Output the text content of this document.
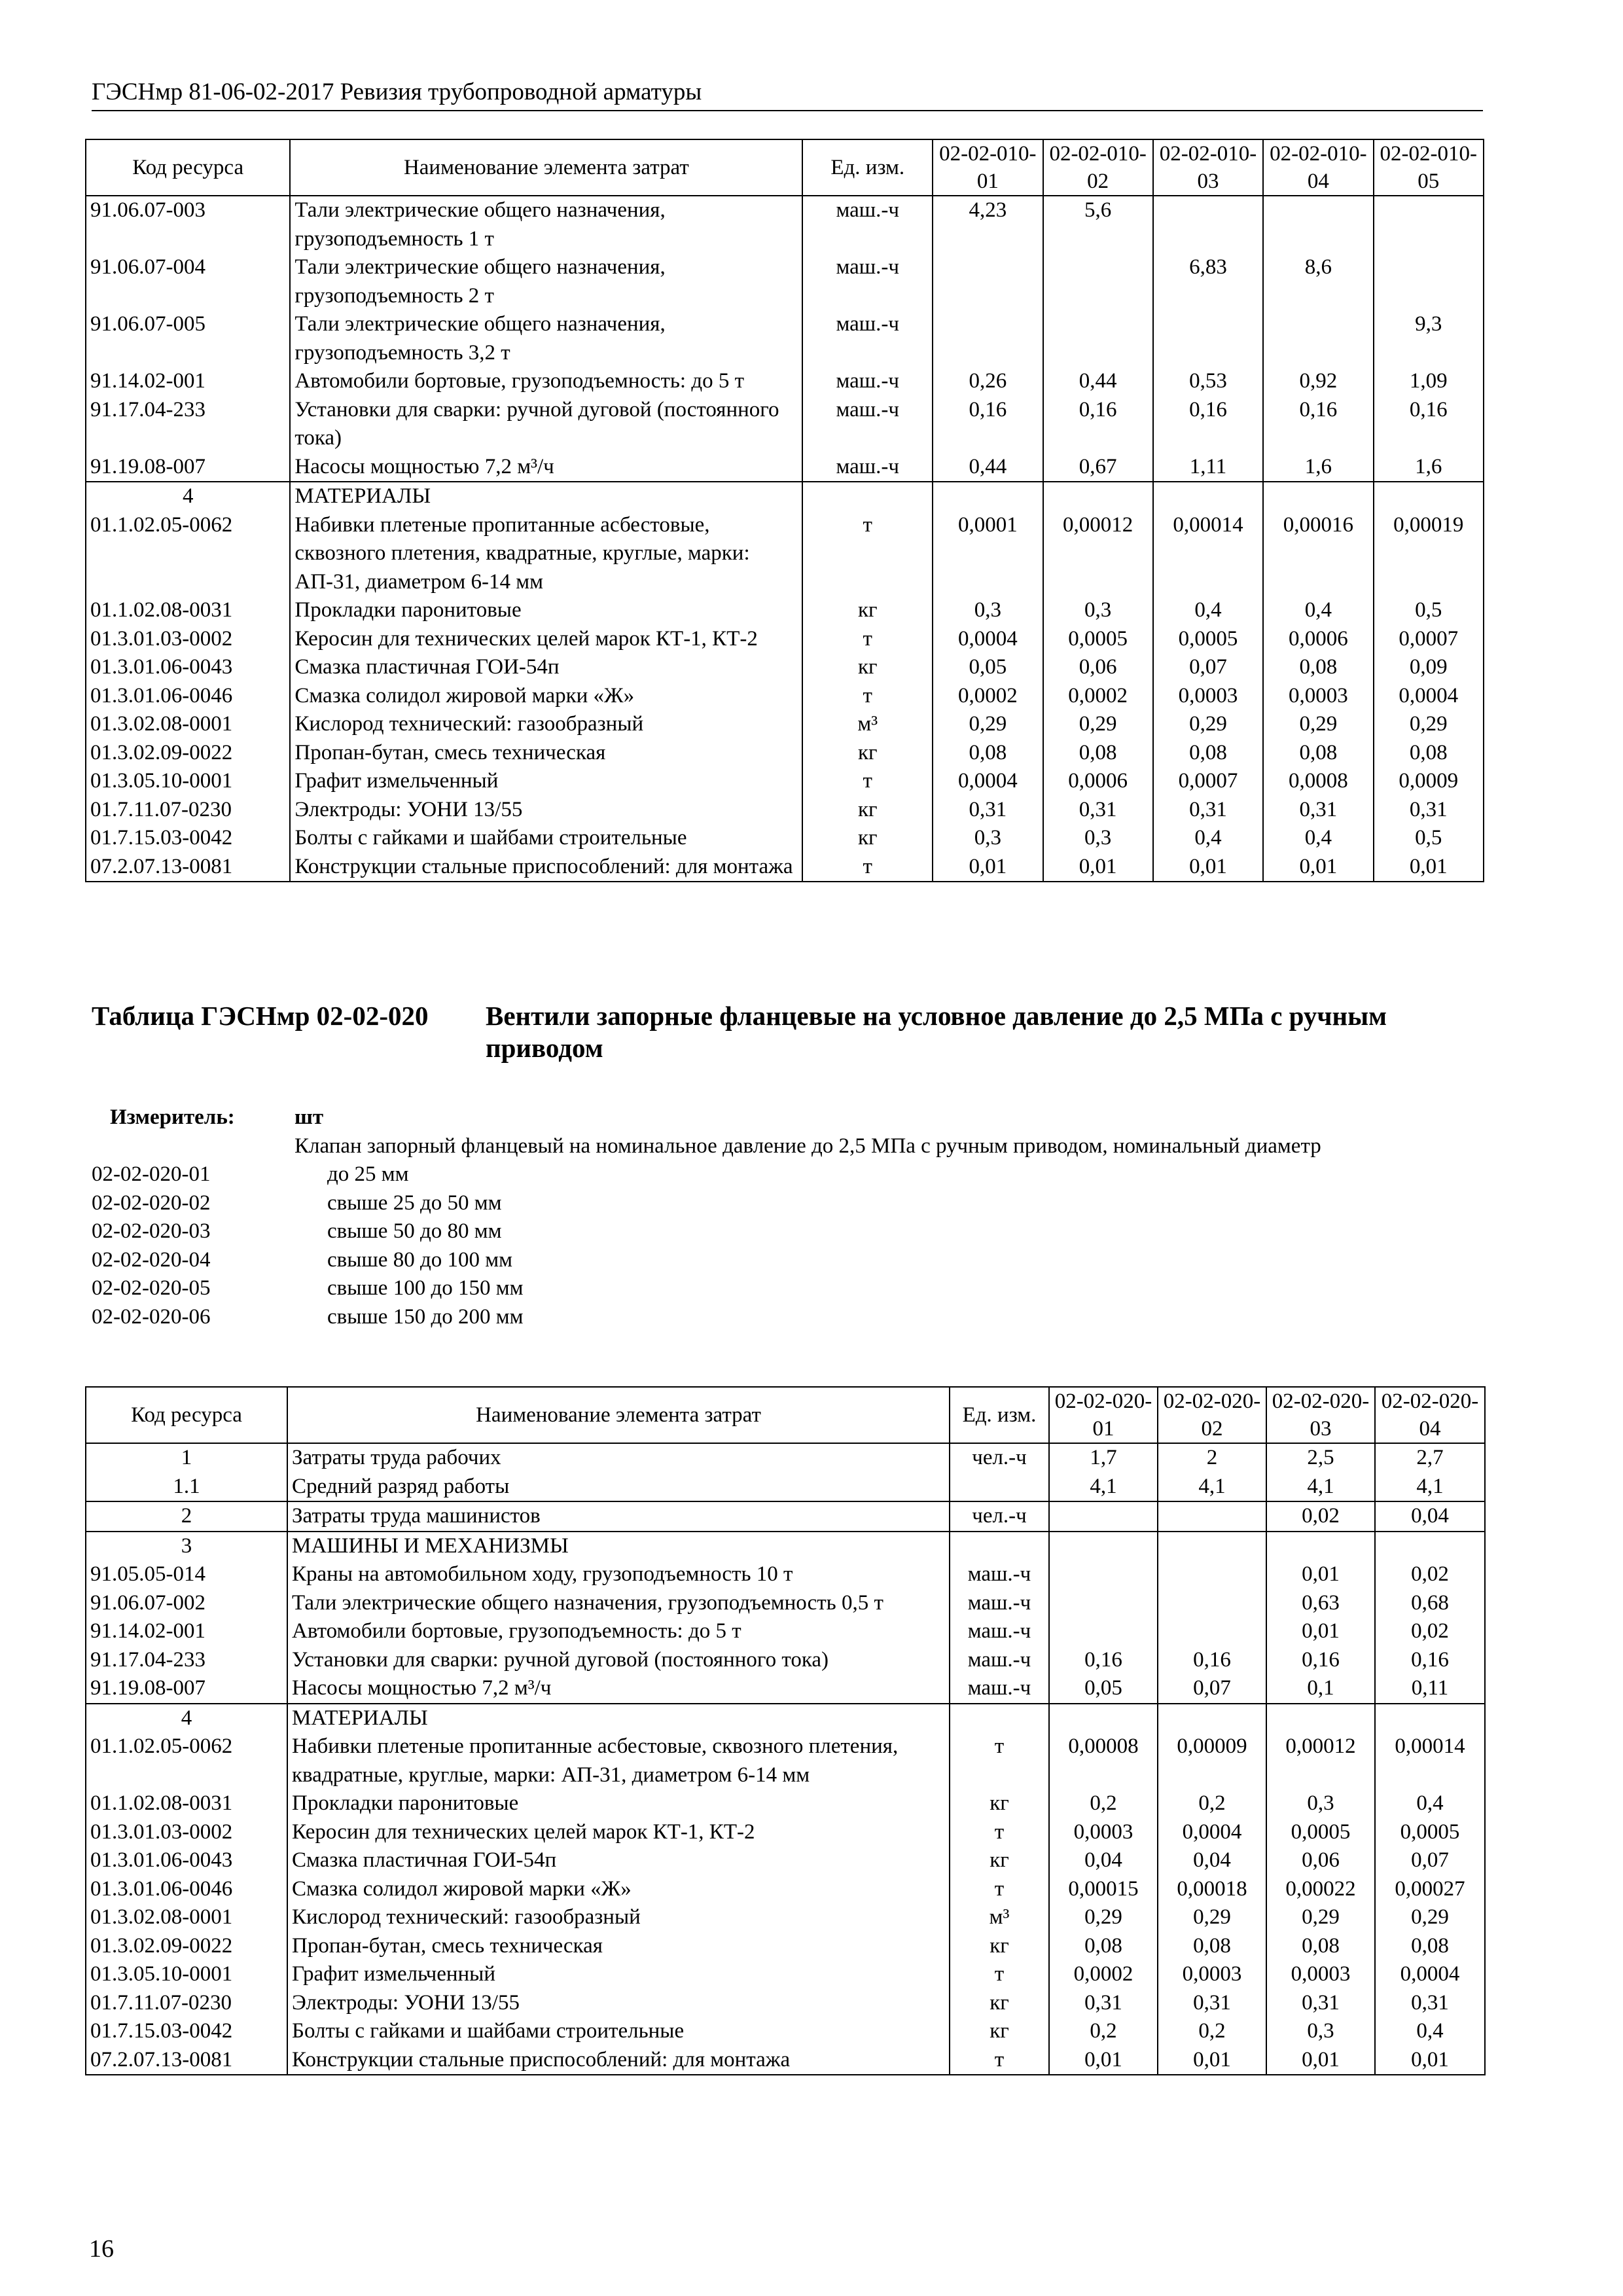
ГЭСНмр 81-06-02-2017 Ревизия трубопроводной арматуры
Код ресурса	Наименование элемента затрат	Ед. изм.	02-02-010-01	02-02-010-02	02-02-010-03	02-02-010-04	02-02-010-05
91.06.07-003	Тали электрические общего назначения, грузоподъемность 1 т	маш.-ч	4,23	5,6			
91.06.07-004	Тали электрические общего назначения, грузоподъемность 2 т	маш.-ч			6,83	8,6	
91.06.07-005	Тали электрические общего назначения, грузоподъемность 3,2 т	маш.-ч					9,3
91.14.02-001	Автомобили бортовые, грузоподъемность: до 5 т	маш.-ч	0,26	0,44	0,53	0,92	1,09
91.17.04-233	Установки для сварки: ручной дуговой (постоянного тока)	маш.-ч	0,16	0,16	0,16	0,16	0,16
91.19.08-007	Насосы мощностью 7,2 м³/ч	маш.-ч	0,44	0,67	1,11	1,6	1,6
4	МАТЕРИАЛЫ						
01.1.02.05-0062	Набивки плетеные пропитанные асбестовые, сквозного плетения, квадратные, круглые, марки: АП-31, диаметром 6-14 мм	т	0,0001	0,00012	0,00014	0,00016	0,00019
01.1.02.08-0031	Прокладки паронитовые	кг	0,3	0,3	0,4	0,4	0,5
01.3.01.03-0002	Керосин для технических целей марок КТ-1, КТ-2	т	0,0004	0,0005	0,0005	0,0006	0,0007
01.3.01.06-0043	Смазка пластичная ГОИ-54п	кг	0,05	0,06	0,07	0,08	0,09
01.3.01.06-0046	Смазка солидол жировой марки «Ж»	т	0,0002	0,0002	0,0003	0,0003	0,0004
01.3.02.08-0001	Кислород технический: газообразный	м³	0,29	0,29	0,29	0,29	0,29
01.3.02.09-0022	Пропан-бутан, смесь техническая	кг	0,08	0,08	0,08	0,08	0,08
01.3.05.10-0001	Графит измельченный	т	0,0004	0,0006	0,0007	0,0008	0,0009
01.7.11.07-0230	Электроды: УОНИ 13/55	кг	0,31	0,31	0,31	0,31	0,31
01.7.15.03-0042	Болты с гайками и шайбами строительные	кг	0,3	0,3	0,4	0,4	0,5
07.2.07.13-0081	Конструкции стальные приспособлений: для монтажа	т	0,01	0,01	0,01	0,01	0,01
Таблица ГЭСНмр 02-02-020	Вентили запорные фланцевые на условное давление до 2,5 МПа с ручным приводом
Измеритель:	шт
Клапан запорный фланцевый на номинальное давление до 2,5 МПа с ручным приводом, номинальный диаметр
02-02-020-01	до 25 мм
02-02-020-02	свыше 25 до 50 мм
02-02-020-03	свыше 50 до 80 мм
02-02-020-04	свыше 80 до 100 мм
02-02-020-05	свыше 100 до 150 мм
02-02-020-06	свыше 150 до 200 мм
Код ресурса	Наименование элемента затрат	Ед. изм.	02-02-020-01	02-02-020-02	02-02-020-03	02-02-020-04
1	Затраты труда рабочих	чел.-ч	1,7	2	2,5	2,7
1.1	Средний разряд работы		4,1	4,1	4,1	4,1
2	Затраты труда машинистов	чел.-ч			0,02	0,04
3	МАШИНЫ И МЕХАНИЗМЫ					
91.05.05-014	Краны на автомобильном ходу, грузоподъемность 10 т	маш.-ч			0,01	0,02
91.06.07-002	Тали электрические общего назначения, грузоподъемность 0,5 т	маш.-ч			0,63	0,68
91.14.02-001	Автомобили бортовые, грузоподъемность: до 5 т	маш.-ч			0,01	0,02
91.17.04-233	Установки для сварки: ручной дуговой (постоянного тока)	маш.-ч	0,16	0,16	0,16	0,16
91.19.08-007	Насосы мощностью 7,2 м³/ч	маш.-ч	0,05	0,07	0,1	0,11
4	МАТЕРИАЛЫ					
01.1.02.05-0062	Набивки плетеные пропитанные асбестовые, сквозного плетения, квадратные, круглые, марки: АП-31, диаметром 6-14 мм	т	0,00008	0,00009	0,00012	0,00014
01.1.02.08-0031	Прокладки паронитовые	кг	0,2	0,2	0,3	0,4
01.3.01.03-0002	Керосин для технических целей марок КТ-1, КТ-2	т	0,0003	0,0004	0,0005	0,0005
01.3.01.06-0043	Смазка пластичная ГОИ-54п	кг	0,04	0,04	0,06	0,07
01.3.01.06-0046	Смазка солидол жировой марки «Ж»	т	0,00015	0,00018	0,00022	0,00027
01.3.02.08-0001	Кислород технический: газообразный	м³	0,29	0,29	0,29	0,29
01.3.02.09-0022	Пропан-бутан, смесь техническая	кг	0,08	0,08	0,08	0,08
01.3.05.10-0001	Графит измельченный	т	0,0002	0,0003	0,0003	0,0004
01.7.11.07-0230	Электроды: УОНИ 13/55	кг	0,31	0,31	0,31	0,31
01.7.15.03-0042	Болты с гайками и шайбами строительные	кг	0,2	0,2	0,3	0,4
07.2.07.13-0081	Конструкции стальные приспособлений: для монтажа	т	0,01	0,01	0,01	0,01
16
